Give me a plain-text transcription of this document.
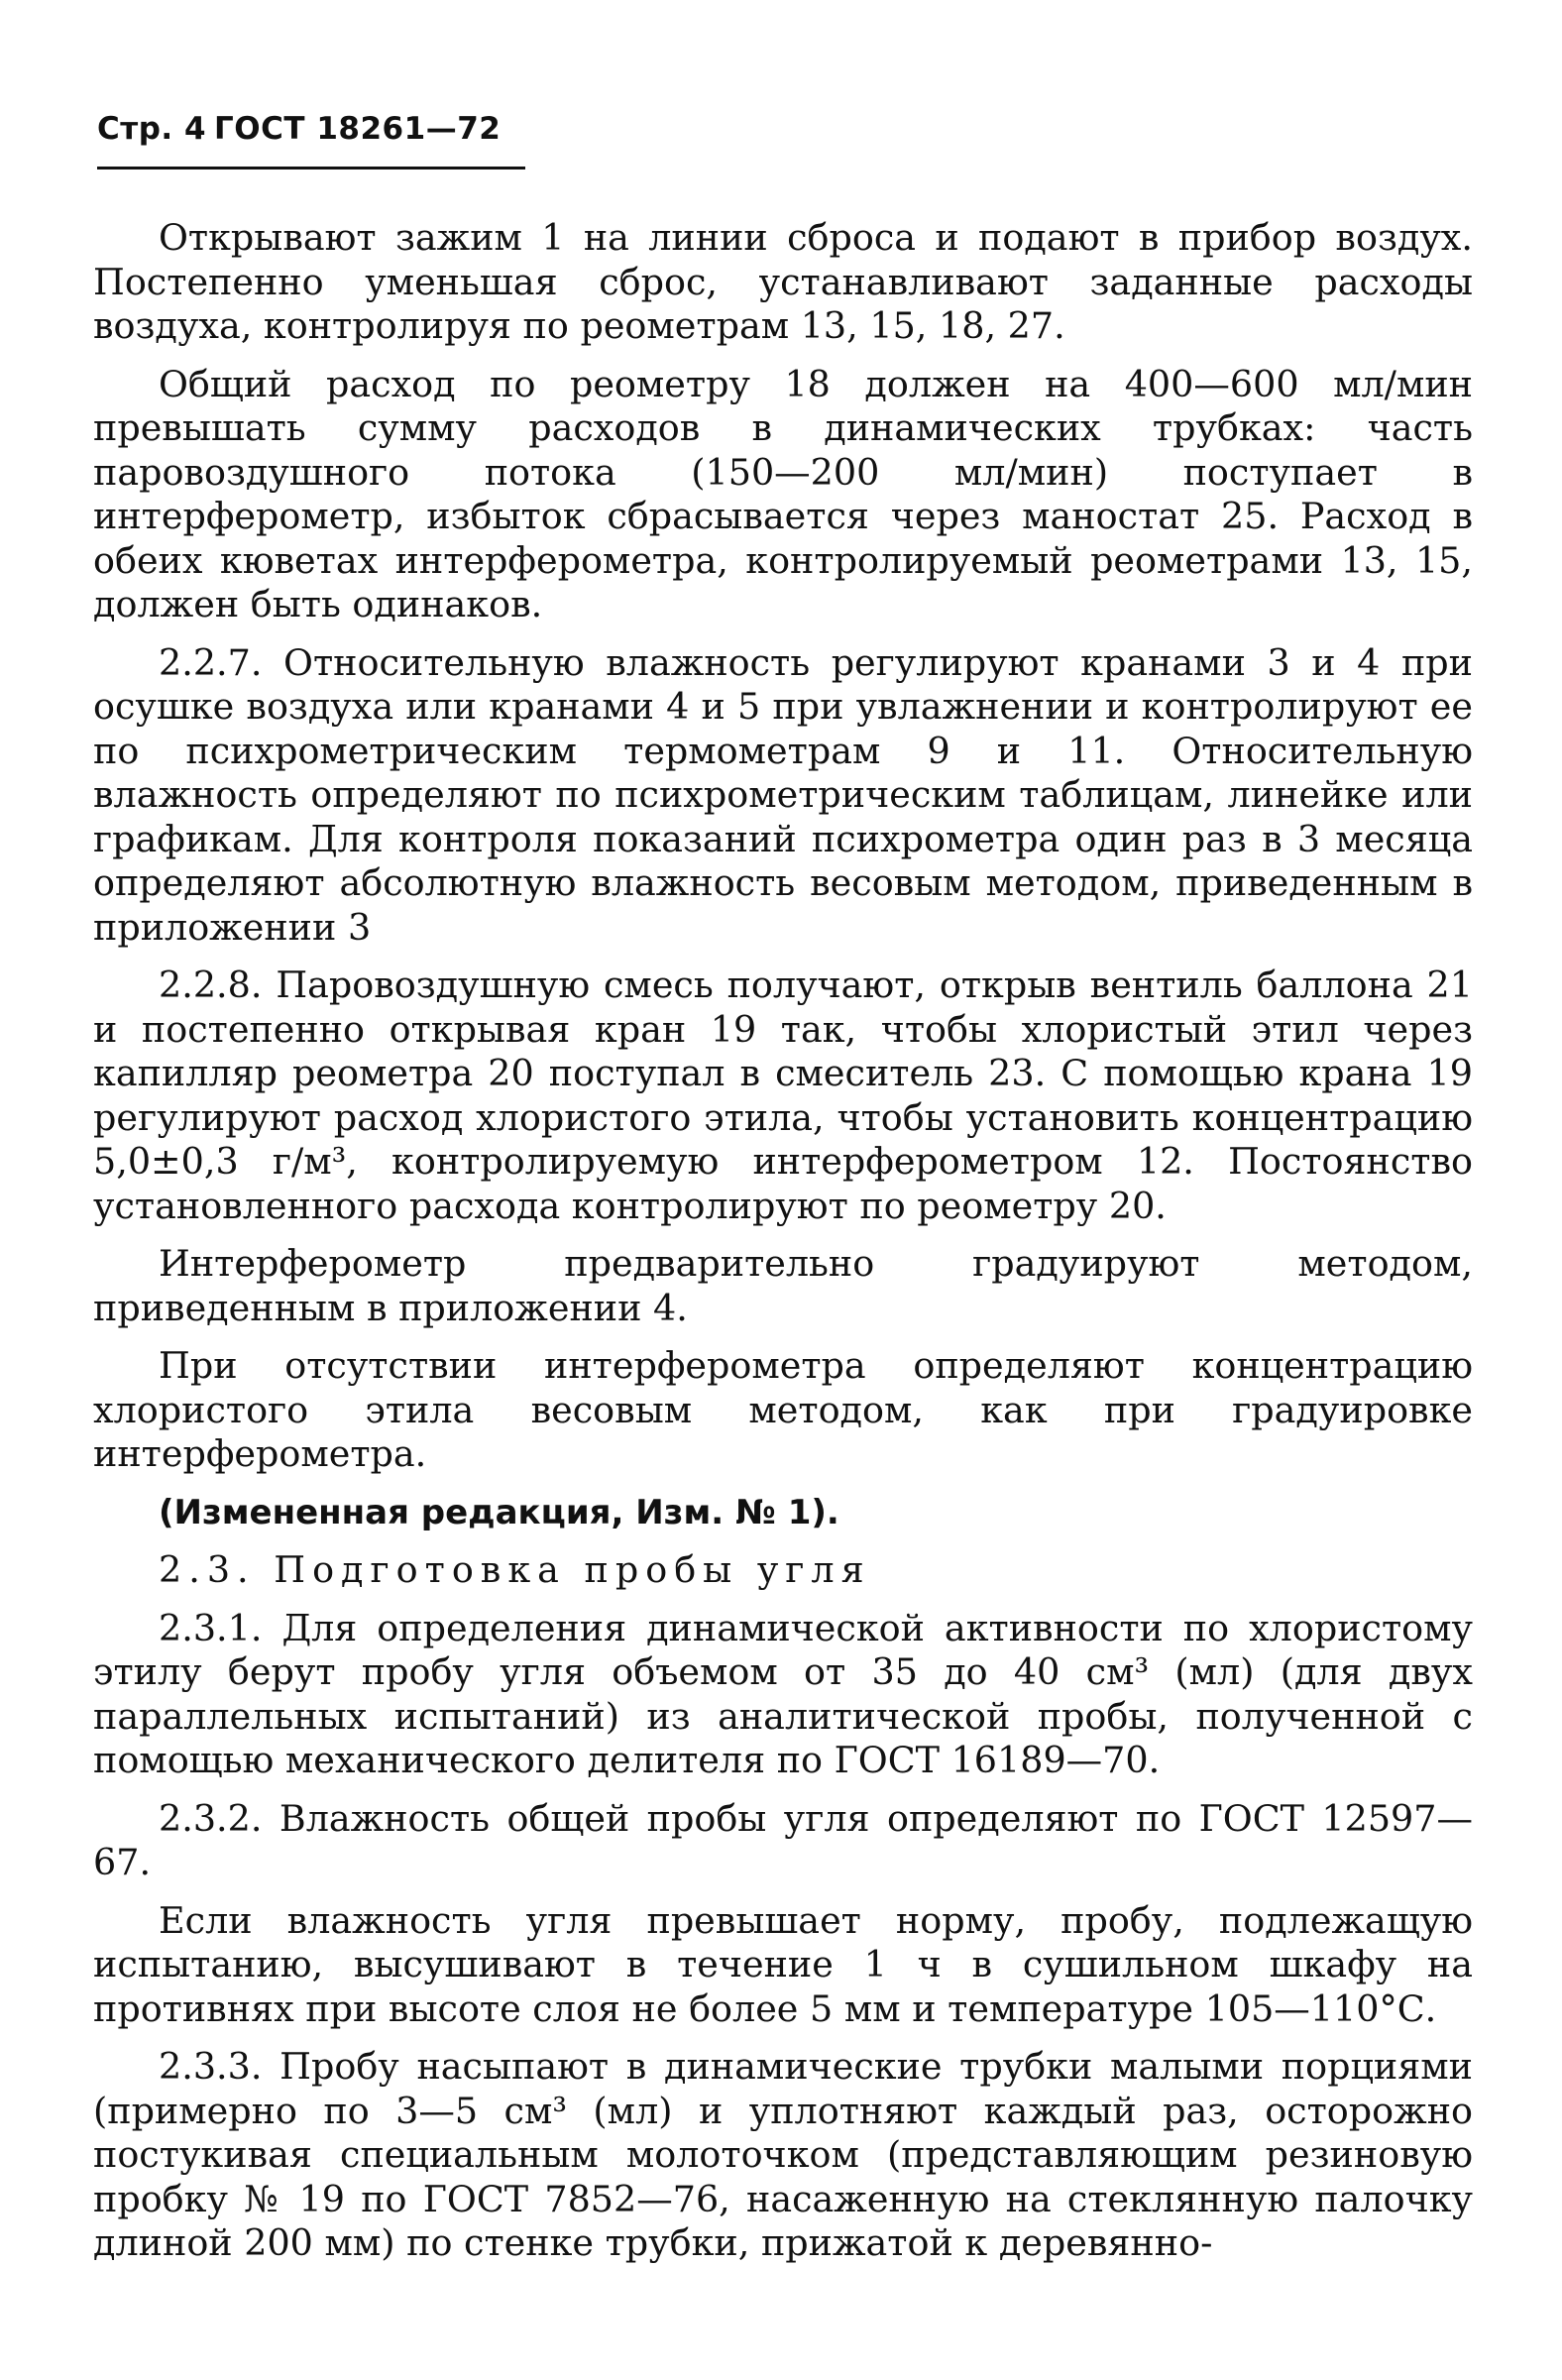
Стр. 4 ГОСТ 18261—72

Открывают зажим 1 на линии сброса и подают в прибор воздух. Постепенно уменьшая сброс, устанавливают заданные расходы воздуха, контролируя по реометрам 13, 15, 18, 27.

Общий расход по реометру 18 должен на 400—600 мл/мин превышать сумму расходов в динамических трубках: часть паровоздушного потока (150—200 мл/мин) поступает в интерферометр, избыток сбрасывается через маностат 25. Расход в обеих кюветах интерферометра, контролируемый реометрами 13, 15, должен быть одинаков.

2.2.7. Относительную влажность регулируют кранами 3 и 4 при осушке воздуха или кранами 4 и 5 при увлажнении и контролируют ее по психрометрическим термометрам 9 и 11. Относительную влажность определяют по психрометрическим таблицам, линейке или графикам. Для контроля показаний психрометра один раз в 3 месяца определяют абсолютную влажность весовым методом, приведенным в приложении 3

2.2.8. Паровоздушную смесь получают, открыв вентиль баллона 21 и постепенно открывая кран 19 так, чтобы хлористый этил через капилляр реометра 20 поступал в смеситель 23. С помощью крана 19 регулируют расход хлористого этила, чтобы установить концентрацию 5,0±0,3 г/м³, контролируемую интерферометром 12. Постоянство установленного расхода контролируют по реометру 20.

Интерферометр предварительно градуируют методом, приведенным в приложении 4.

При отсутствии интерферометра определяют концентрацию хлористого этила весовым методом, как при градуировке интерферометра.

(Измененная редакция, Изм. № 1).

2.3. Подготовка пробы угля

2.3.1. Для определения динамической активности по хлористому этилу берут пробу угля объемом от 35 до 40 см³ (мл) (для двух параллельных испытаний) из аналитической пробы, полученной с помощью механического делителя по ГОСТ 16189—70.

2.3.2. Влажность общей пробы угля определяют по ГОСТ 12597—67.

Если влажность угля превышает норму, пробу, подлежащую испытанию, высушивают в течение 1 ч в сушильном шкафу на противнях при высоте слоя не более 5 мм и температуре 105—110°С.

2.3.3. Пробу насыпают в динамические трубки малыми порциями (примерно по 3—5 см³ (мл) и уплотняют каждый раз, осторожно постукивая специальным молоточком (представляющим резиновую пробку № 19 по ГОСТ 7852—76, насаженную на стеклянную палочку длиной 200 мм) по стенке трубки, прижатой к деревянно-
